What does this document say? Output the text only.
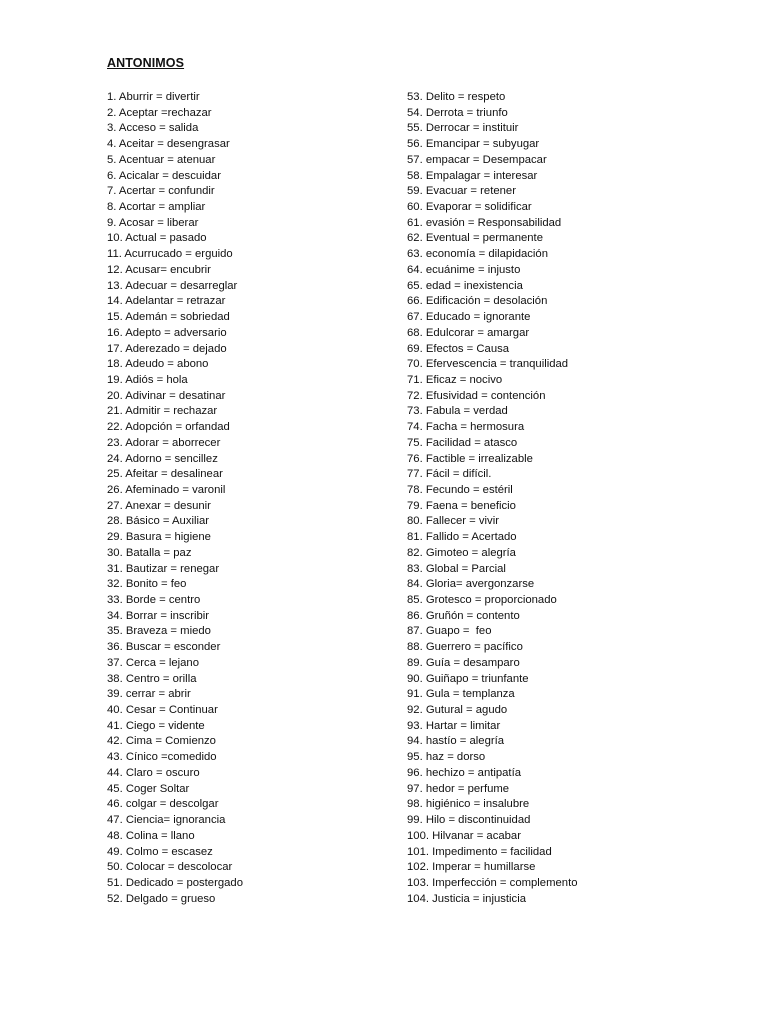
ANTONIMOS
1. Aburrir = divertir
2. Aceptar =rechazar
3. Acceso = salida
4. Aceitar = desengrasar
5. Acentuar = atenuar
6. Acicalar = descuidar
7. Acertar = confundir
8. Acortar = ampliar
9. Acosar = liberar
10. Actual = pasado
11. Acurrucado = erguido
12. Acusar= encubrir
13. Adecuar = desarreglar
14. Adelantar = retrazar
15. Ademán = sobriedad
16. Adepto = adversario
17. Aderezado = dejado
18. Adeudo = abono
19. Adiós = hola
20. Adivinar = desatinar
21. Admitir = rechazar
22. Adopción = orfandad
23. Adorar = aborrecer
24. Adorno = sencillez
25. Afeitar = desalinear
26. Afeminado = varonil
27. Anexar = desunir
28. Básico = Auxiliar
29. Basura = higiene
30. Batalla = paz
31. Bautizar = renegar
32. Bonito = feo
33. Borde = centro
34. Borrar = inscribir
35. Braveza = miedo
36. Buscar = esconder
37. Cerca = lejano
38. Centro = orilla
39. cerrar = abrir
40. Cesar = Continuar
41. Ciego = vidente
42. Cima = Comienzo
43. Cínico =comedido
44. Claro = oscuro
45. Coger Soltar
46. colgar = descolgar
47. Ciencia= ignorancia
48. Colina = llano
49. Colmo = escasez
50. Colocar = descolocar
51. Dedicado = postergado
52. Delgado = grueso
53. Delito = respeto
54. Derrota = triunfo
55. Derrocar = instituir
56. Emancipar = subyugar
57. empacar = Desempacar
58. Empalagar = interesar
59. Evacuar = retener
60. Evaporar = solidificar
61. evasión = Responsabilidad
62. Eventual = permanente
63. economía = dilapidación
64. ecuánime = injusto
65. edad = inexistencia
66. Edificación = desolación
67. Educado = ignorante
68. Edulcorar = amargar
69. Efectos = Causa
70. Efervescencia = tranquilidad
71. Eficaz = nocivo
72. Efusividad = contención
73. Fabula = verdad
74. Facha = hermosura
75. Facilidad = atasco
76. Factible = irrealizable
77. Fácil = difícil.
78. Fecundo = estéril
79. Faena = beneficio
80. Fallecer = vivir
81. Fallido = Acertado
82. Gimoteo = alegría
83. Global = Parcial
84. Gloria= avergonzarse
85. Grotesco = proporcionado
86. Gruñón = contento
87. Guapo =  feo
88. Guerrero = pacífico
89. Guía = desamparo
90. Guiñapo = triunfante
91. Gula = templanza
92. Gutural = agudo
93. Hartar = limitar
94. hastío = alegría
95. haz = dorso
96. hechizo = antipatía
97. hedor = perfume
98. higiénico = insalubre
99. Hilo = discontinuidad
100. Hilvanar = acabar
101. Impedimento = facilidad
102. Imperar = humillarse
103. Imperfección = complemento
104. Justicia = injusticia
